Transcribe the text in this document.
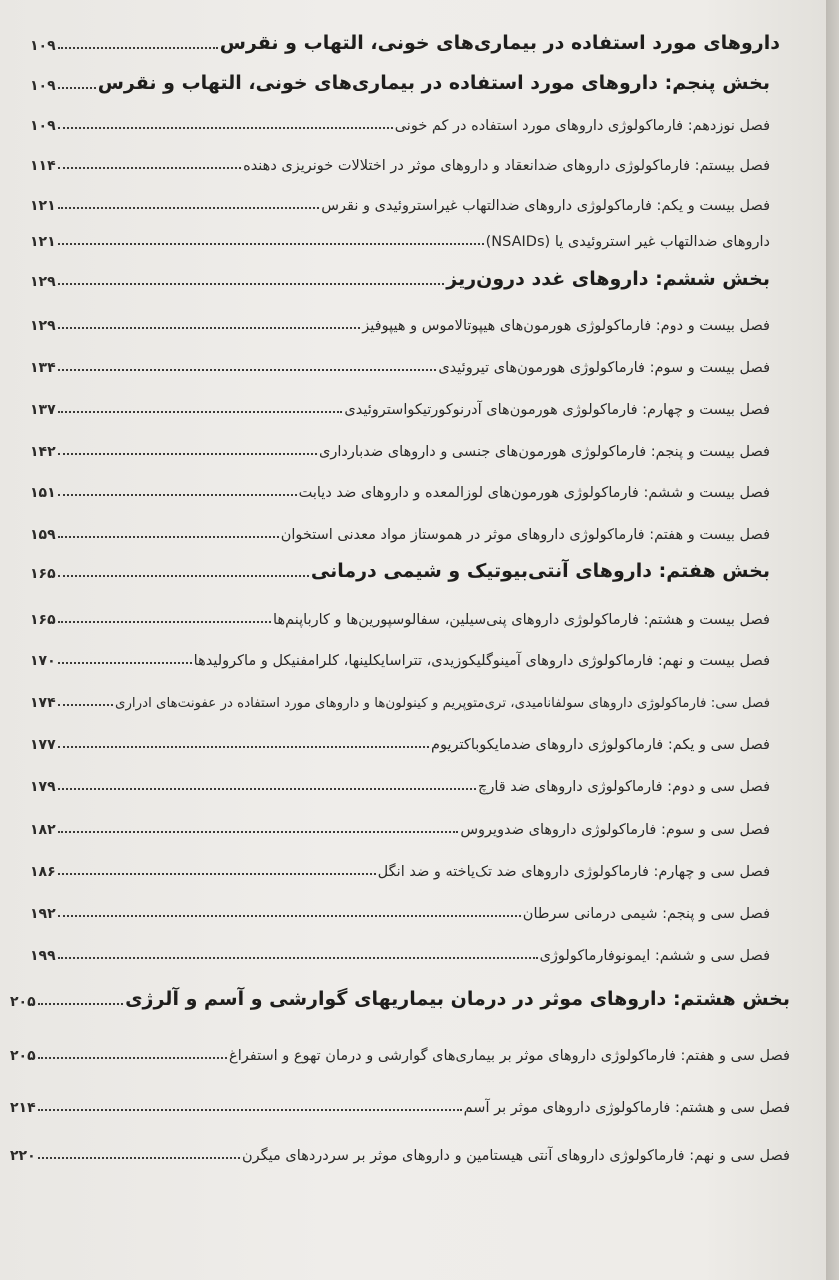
داروهای مورد استفاده در بیماری‌های خونی، التهاب و نقرس
۱۰۹
بخش پنجم: داروهای مورد استفاده در بیماری‌های خونی، التهاب و نقرس
۱۰۹
فصل نوزدهم: فارماکولوژی داروهای مورد استفاده در کم خونی
۱۰۹
فصل بیستم: فارماکولوژی داروهای ضدانعقاد و داروهای موثر در اختلالات خونریزی دهنده
۱۱۴
فصل بیست و یکم: فارماکولوژی داروهای ضدالتهاب غیراستروئیدی و نقرس
۱۲۱
داروهای ضدالتهاب غیر استروئیدی یا (NSAIDs)
۱۲۱
بخش ششم: داروهای غدد درون‌ریز
۱۲۹
فصل بیست و دوم: فارماکولوژی هورمون‌های هیپوتالاموس و هیپوفیز
۱۲۹
فصل بیست و سوم: فارماکولوژی هورمون‌های تیروئیدی
۱۳۴
فصل بیست و چهارم: فارماکولوژی هورمون‌های آدرنوکورتیکواستروئیدی
۱۳۷
فصل بیست و پنجم: فارماکولوژی هورمون‌های جنسی و داروهای ضدبارداری
۱۴۲
فصل بیست و ششم: فارماکولوژی هورمون‌های لوزالمعده و داروهای ضد دیابت
۱۵۱
فصل بیست و هفتم: فارماکولوژی داروهای موثر در هموستاز مواد معدنی استخوان
۱۵۹
بخش هفتم: داروهای آنتی‌بیوتیک و شیمی درمانی
۱۶۵
فصل بیست و هشتم: فارماکولوژی داروهای پنی‌سیلین، سفالوسپورین‌ها و کارباپنم‌ها
۱۶۵
فصل بیست و نهم: فارماکولوژی داروهای آمینوگلیکوزیدی، تتراسایکلینها، کلرامفنیکل و ماکرولیدها
۱۷۰
فصل سی: فارماکولوژی داروهای سولفانامیدی، تری‌متوپریم و کینولون‌ها و داروهای مورد استفاده در عفونت‌های ادراری
۱۷۴
فصل سی و یکم: فارماکولوژی داروهای ضدمایکوباکتریوم
۱۷۷
فصل سی و دوم: فارماکولوژی داروهای ضد قارچ
۱۷۹
فصل سی و سوم: فارماکولوژی داروهای ضدویروس
۱۸۲
فصل سی و چهارم: فارماکولوژی داروهای ضد تک‌یاخته و ضد انگل
۱۸۶
فصل سی و پنجم: شیمی درمانی سرطان
۱۹۲
فصل سی و ششم: ایمونوفارماکولوژی
۱۹۹
بخش هشتم: داروهای موثر در درمان بیماریهای گوارشی و آسم و آلرژی
۲۰۵
فصل سی و هفتم: فارماکولوژی داروهای موثر بر بیماری‌های گوارشی و درمان تهوع و استفراغ
۲۰۵
فصل سی و هشتم: فارماکولوژی داروهای موثر بر آسم
۲۱۴
فصل سی و نهم: فارماکولوژی داروهای آنتی هیستامین و داروهای موثر بر سردردهای میگرن
۲۲۰
